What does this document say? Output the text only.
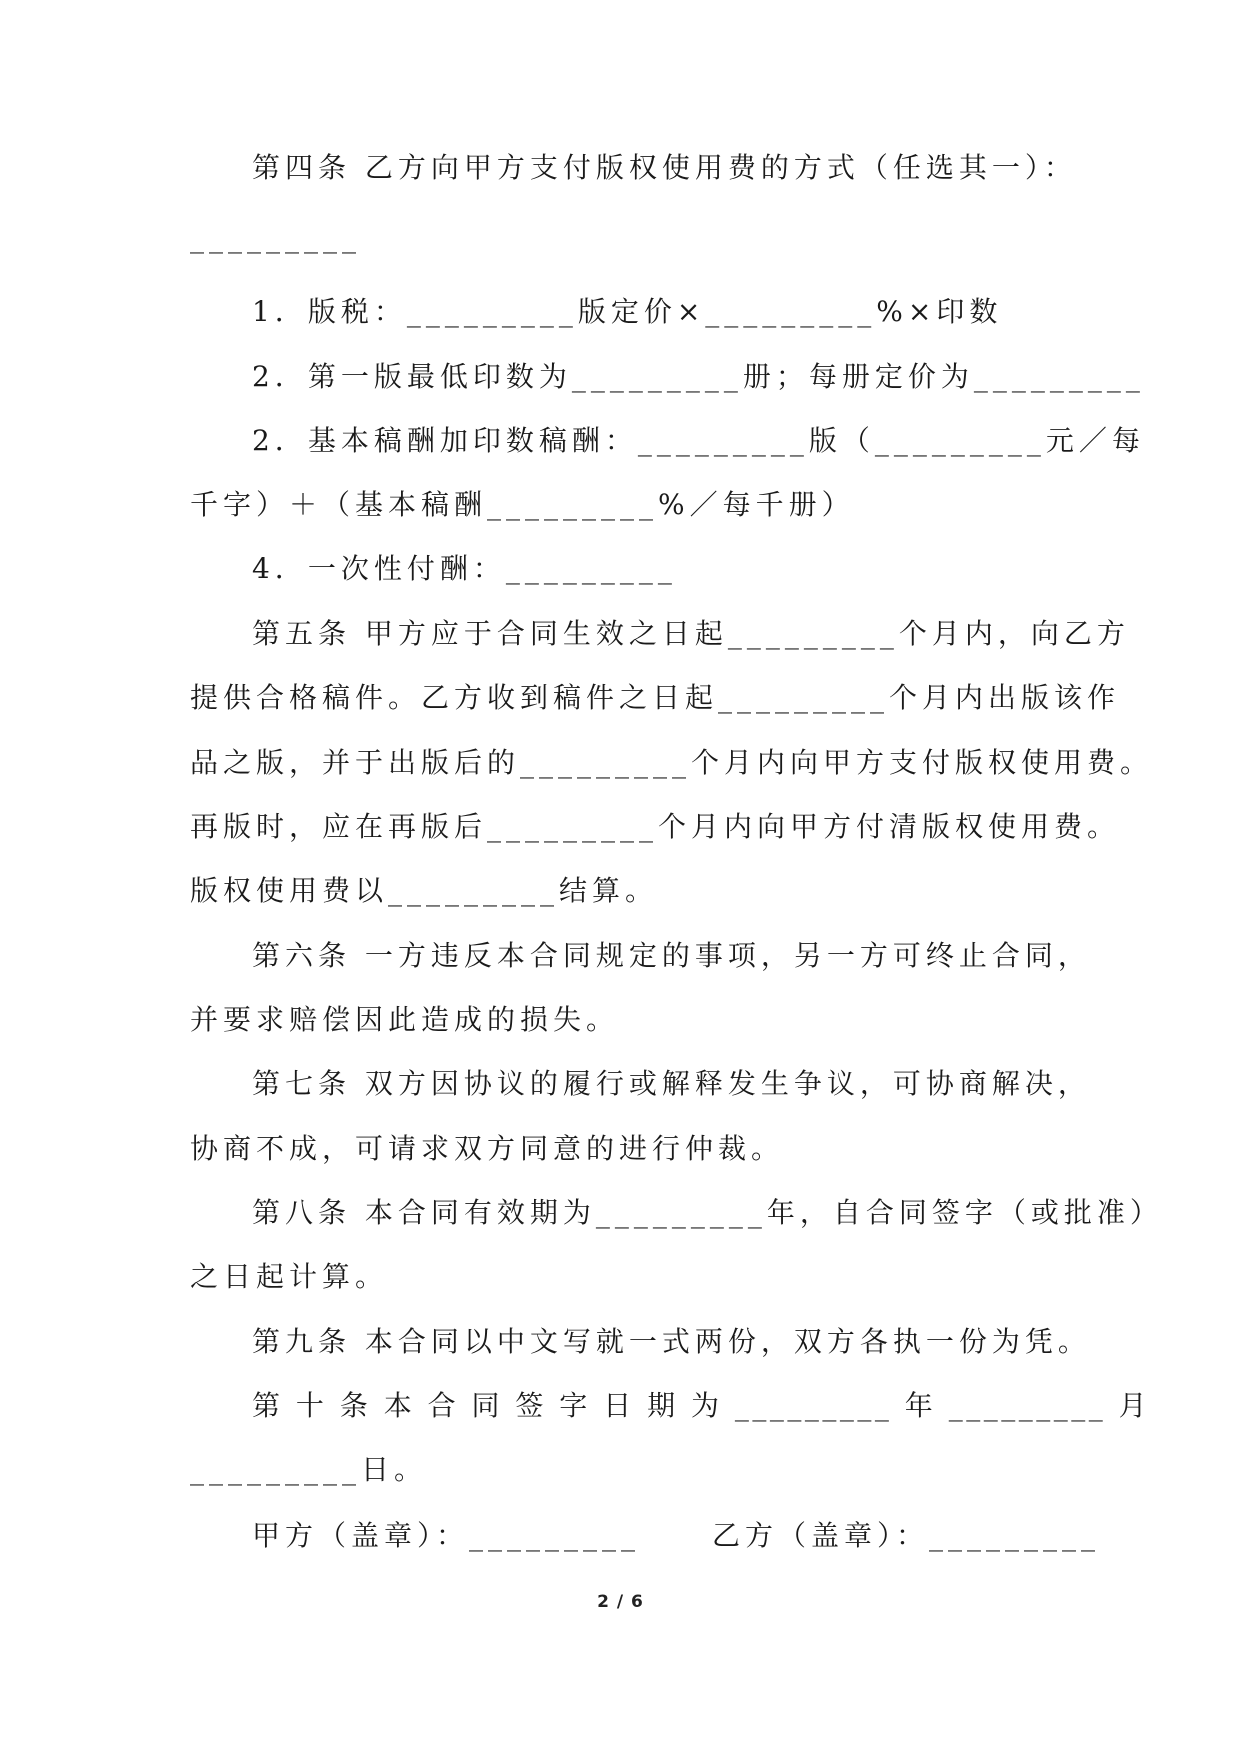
第四条 乙方向甲方支付版权使用费的方式（任选其一）：
_________
1．版税：_________版定价×_________%×印数
2．第一版最低印数为_________册；每册定价为_________
2．基本稿酬加印数稿酬：_________版（_________元／每
千字）＋（基本稿酬_________%／每千册）
4．一次性付酬：_________
第五条 甲方应于合同生效之日起_________个月内，向乙方
提供合格稿件。乙方收到稿件之日起_________个月内出版该作
品之版，并于出版后的_________个月内向甲方支付版权使用费。
再版时，应在再版后_________个月内向甲方付清版权使用费。
版权使用费以_________结算。
第六条 一方违反本合同规定的事项，另一方可终止合同，
并要求赔偿因此造成的损失。
第七条 双方因协议的履行或解释发生争议，可协商解决，
协商不成，可请求双方同意的进行仲裁。
第八条 本合同有效期为_________年，自合同签字（或批准）
之日起计算。
第九条 本合同以中文写就一式两份，双方各执一份为凭。
第 十 条 本 合 同 签 字 日 期 为 _________ 年 _________ 月
_________日。
甲方（盖章）：_________	乙方（盖章）：_________
2 / 6
